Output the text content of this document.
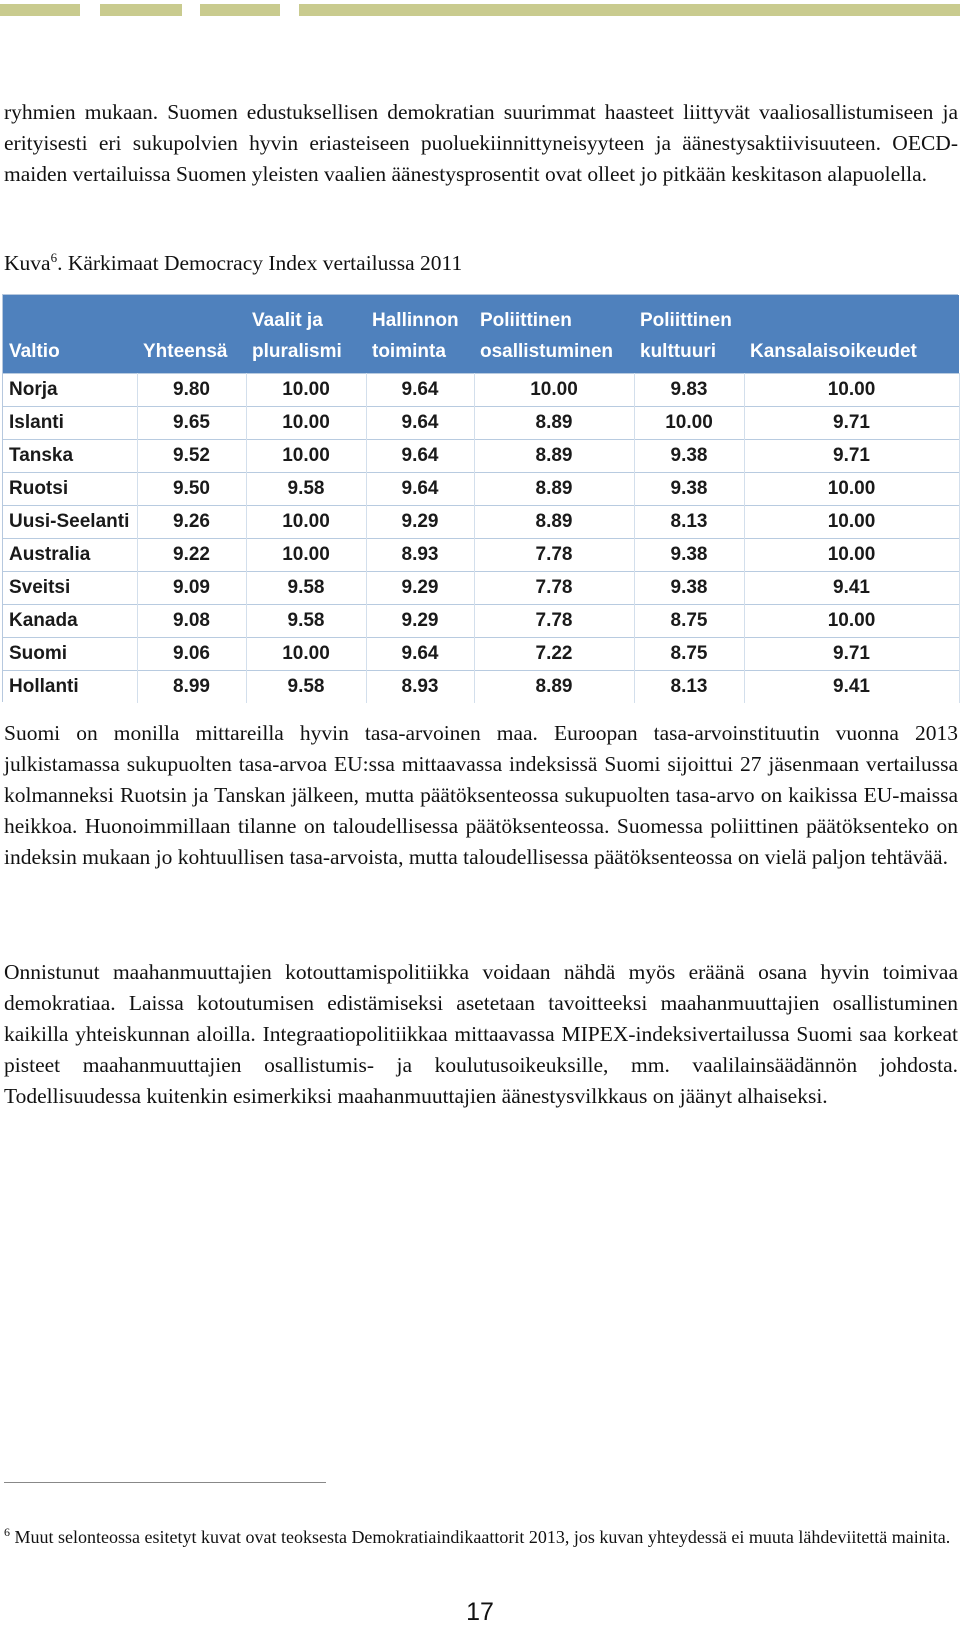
ryhmien mukaan. Suomen edustuksellisen demokratian suurimmat haasteet liittyvät vaaliosallistumiseen ja erityisesti eri sukupolvien hyvin eriasteiseen puoluekiinnittyneisyyteen ja äänestysaktiivisuuteen. OECD-maiden vertailuissa Suomen yleisten vaalien äänestysprosentit ovat olleet jo pitkään keskitason alapuolella.

Kuva$^6$. Kärkimaat Democracy Index vertailussa 2011

Valtio	Yhteensä	Vaalit ja pluralismi	Hallinnon toiminta	Poliittinen osallistuminen	Poliittinen kulttuuri	Kansalaisoikeudet
Norja	9.80	10.00	9.64	10.00	9.83	10.00
Islanti	9.65	10.00	9.64	8.89	10.00	9.71
Tanska	9.52	10.00	9.64	8.89	9.38	9.71
Ruotsi	9.50	9.58	9.64	8.89	9.38	10.00
Uusi-Seelanti	9.26	10.00	9.29	8.89	8.13	10.00
Australia	9.22	10.00	8.93	7.78	9.38	10.00
Sveitsi	9.09	9.58	9.29	7.78	9.38	9.41
Kanada	9.08	9.58	9.29	7.78	8.75	10.00
Suomi	9.06	10.00	9.64	7.22	8.75	9.71
Hollanti	8.99	9.58	8.93	8.89	8.13	9.41

Suomi on monilla mittareilla hyvin tasa-arvoinen maa. Euroopan tasa-arvoinstituutin vuonna 2013 julkistamassa sukupuolten tasa-arvoa EU:ssa mittaavassa indeksissä Suomi sijoittui 27 jäsenmaan vertailussa kolmanneksi Ruotsin ja Tanskan jälkeen, mutta päätöksenteossa sukupuolten tasa-arvo on kaikissa EU-maissa heikkoa. Huonoimmillaan tilanne on taloudellisessa päätöksenteossa. Suomessa poliittinen päätöksenteko on indeksin mukaan jo kohtuullisen tasa-arvoista, mutta taloudellisessa päätöksenteossa on vielä paljon tehtävää.

Onnistunut maahanmuuttajien kotouttamispolitiikka voidaan nähdä myös eräänä osana hyvin toimivaa demokratiaa. Laissa kotoutumisen edistämiseksi asetetaan tavoitteeksi maahanmuuttajien osallistuminen kaikilla yhteiskunnan aloilla. Integraatiopolitiikkaa mittaavassa MIPEX-indeksivertailussa Suomi saa korkeat pisteet maahanmuuttajien osallistumis- ja koulutusoikeuksille, mm. vaalilainsäädännön johdosta. Todellisuudessa kuitenkin esimerkiksi maahanmuuttajien äänestysvilkkaus on jäänyt alhaiseksi.

$^6$ Muut selonteossa esitetyt kuvat ovat teoksesta Demokratiaindikaattorit 2013, jos kuvan yhteydessä ei muuta lähdeviitettä mainita.

17
